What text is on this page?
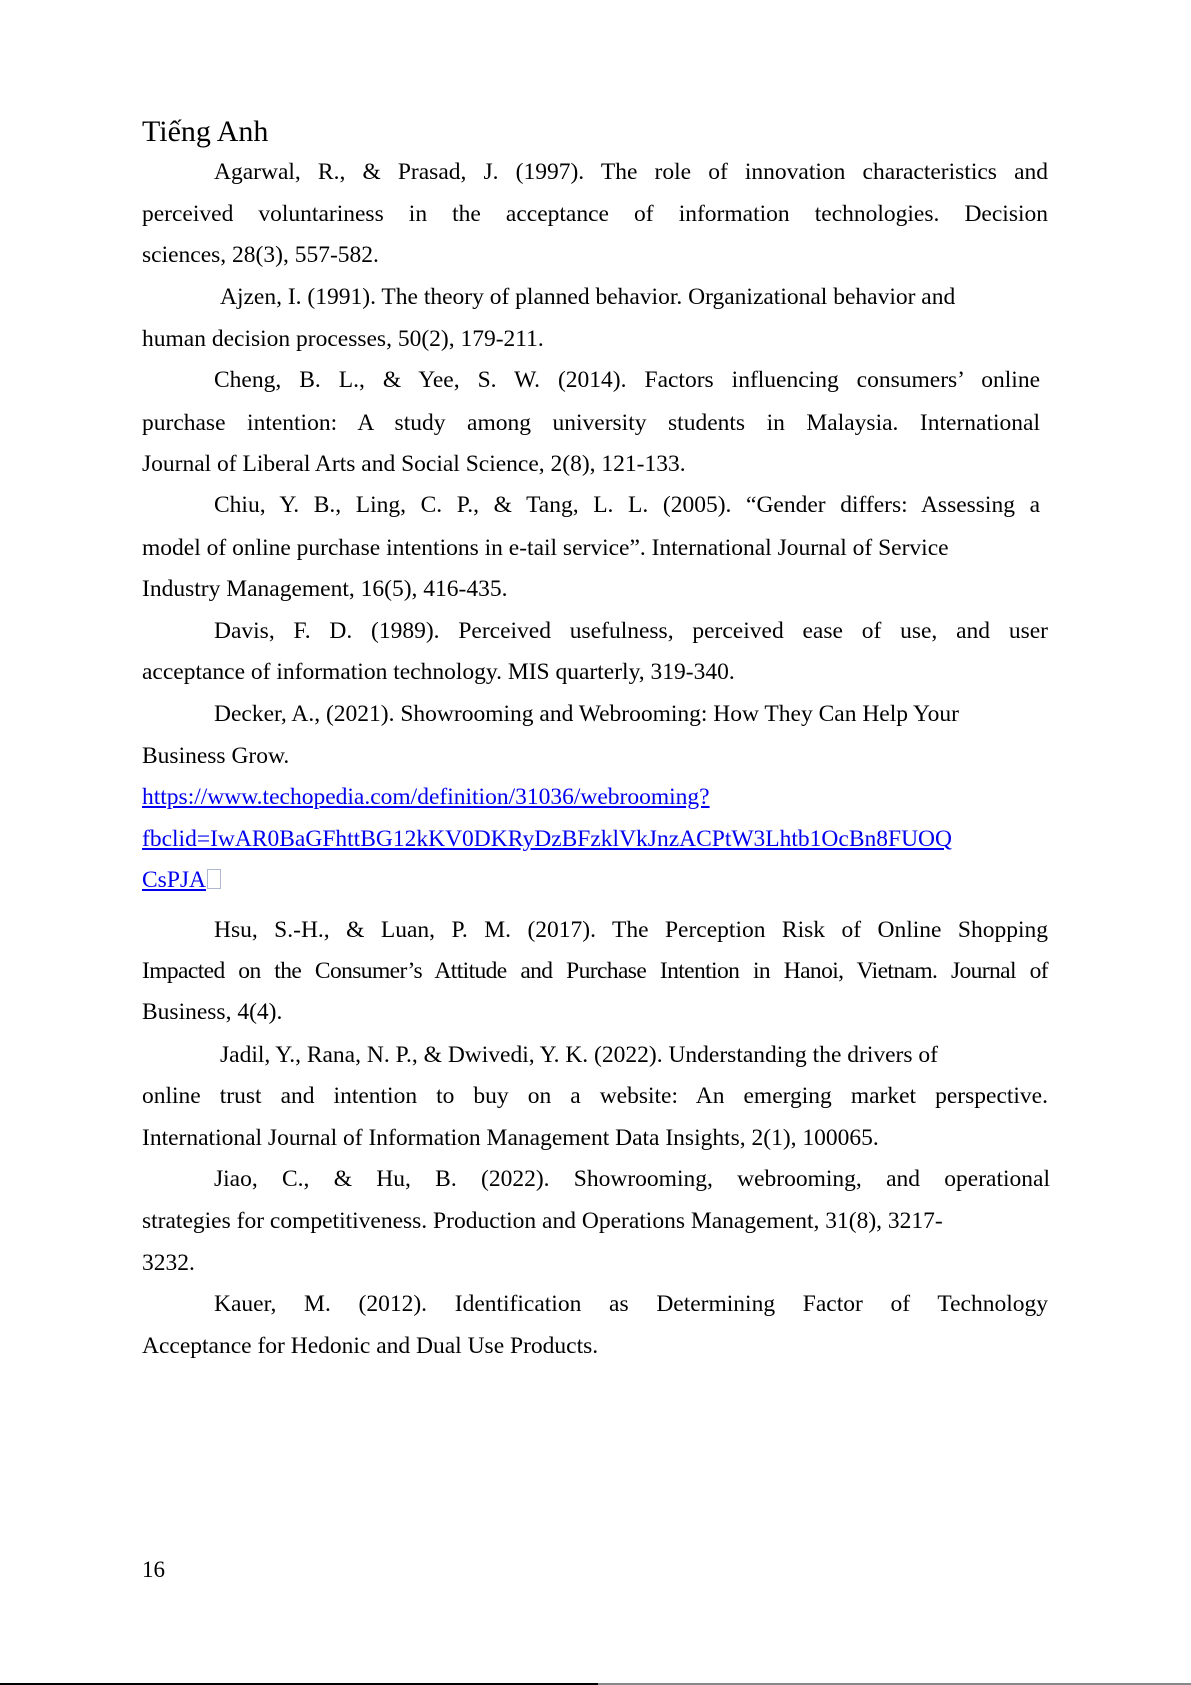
Tiếng Anh
Agarwal, R., & Prasad, J. (1997). The role of innovation characteristics and
perceived voluntariness in the acceptance of information technologies. Decision
sciences, 28(3), 557-582.
Ajzen, I. (1991). The theory of planned behavior. Organizational behavior and
human decision processes, 50(2), 179-211.
Cheng, B. L., & Yee, S. W. (2014). Factors influencing consumers’ online
purchase intention: A study among university students in Malaysia. International
Journal of Liberal Arts and Social Science, 2(8), 121-133.
Chiu, Y. B., Ling, C. P., & Tang, L. L. (2005). “Gender differs: Assessing a
model of online purchase intentions in e-tail service”. International Journal of Service
Industry Management, 16(5), 416-435.
Davis, F. D. (1989). Perceived usefulness, perceived ease of use, and user
acceptance of information technology. MIS quarterly, 319-340.
Decker, A., (2021). Showrooming and Webrooming: How They Can Help Your
Business Grow.
https://www.techopedia.com/definition/31036/webrooming?
fbclid=IwAR0BaGFhttBG12kKV0DKRyDzBFzklVkJnzACPtW3Lhtb1OcBn8FUOQ
CsPJA
Hsu, S.-H., & Luan, P. M. (2017). The Perception Risk of Online Shopping
Impacted on the Consumer’s Attitude and Purchase Intention in Hanoi, Vietnam. Journal of
Business, 4(4).
Jadil, Y., Rana, N. P., & Dwivedi, Y. K. (2022). Understanding the drivers of
online trust and intention to buy on a website: An emerging market perspective.
International Journal of Information Management Data Insights, 2(1), 100065.
Jiao, C., & Hu, B. (2022). Showrooming, webrooming, and operational
strategies for competitiveness. Production and Operations Management, 31(8), 3217-
3232.
Kauer, M. (2012). Identification as Determining Factor of Technology
Acceptance for Hedonic and Dual Use Products.
16
